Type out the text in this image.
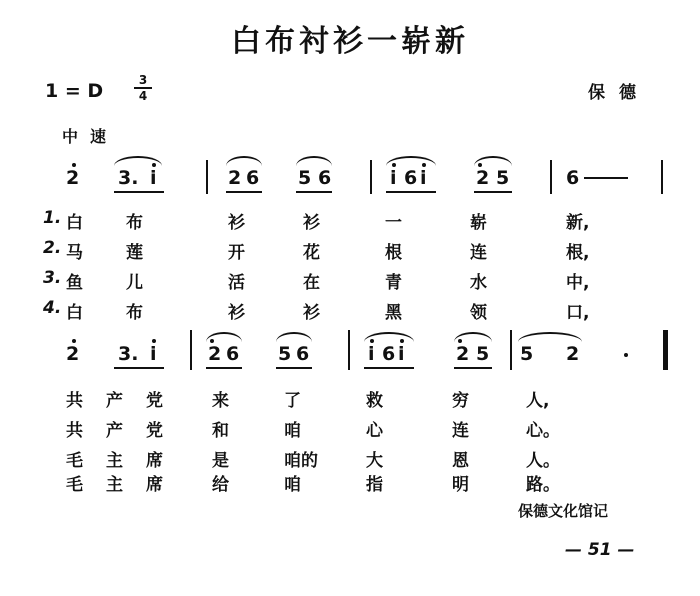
白布衬衫一崭新
1 = D	3
4	保德
中速
2 3. i	2 6 5 6	i 6 i	2 5	6
1. 白	布	衫	衫	一	崭	新,
2. 马	莲	开	花	根	连	根,
3. 鱼	儿	活	在	青	水	中,
4. 白	布	衫	衫	黑	领	口,
2 3. i	2 6 5 6	i 6 i	2 5 5 2
共 产 党	来	了	救	穷	人,
共 产 党	和	咱	心	连	心。
毛 主 席	是	咱的	大	恩	人。
毛 主 席	给	咱	指	明	路。
保德文化馆记
— 51 —
